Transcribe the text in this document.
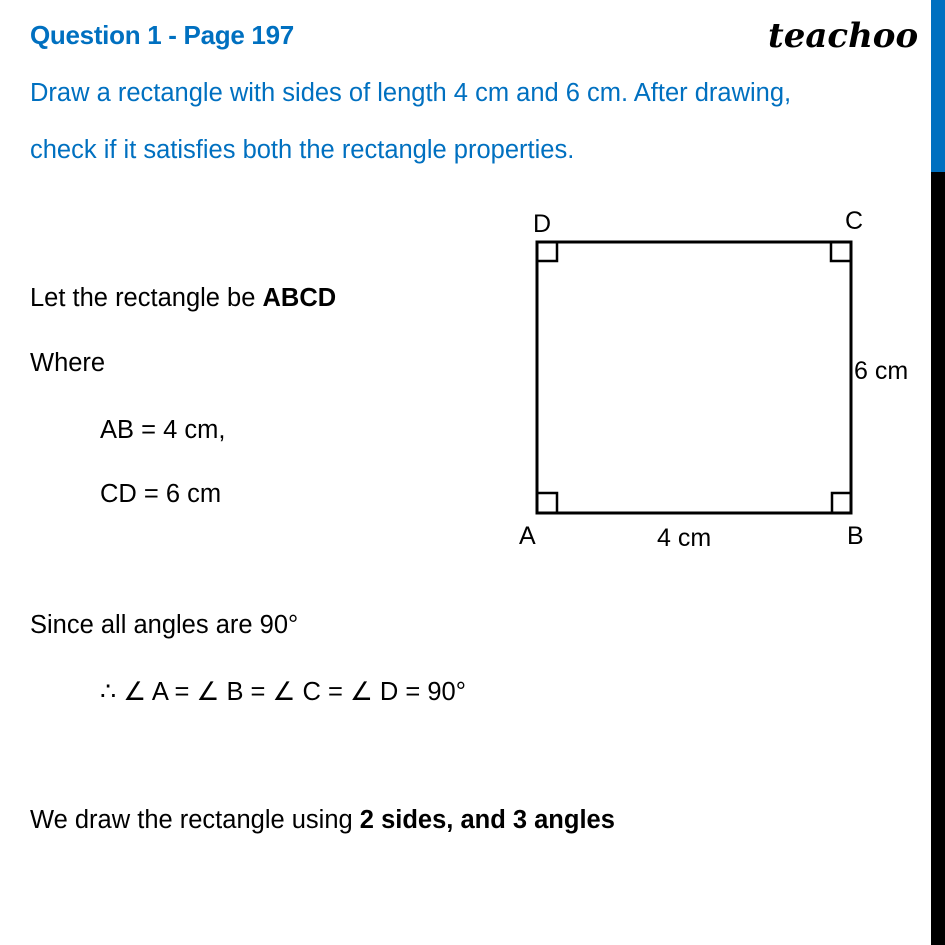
Question 1 - Page 197	teachoo
Draw a rectangle with sides of length 4 cm and 6 cm. After drawing,
check if it satisfies both the rectangle properties.
Let the rectangle be ABCD
Where
AB = 4 cm,
CD = 6 cm
Since all angles are 90°
∴ ∠ A = ∠ B = ∠ C = ∠ D = 90°
We draw the rectangle using 2 sides, and 3 angles
D	C
A	B
4 cm
6 cm
